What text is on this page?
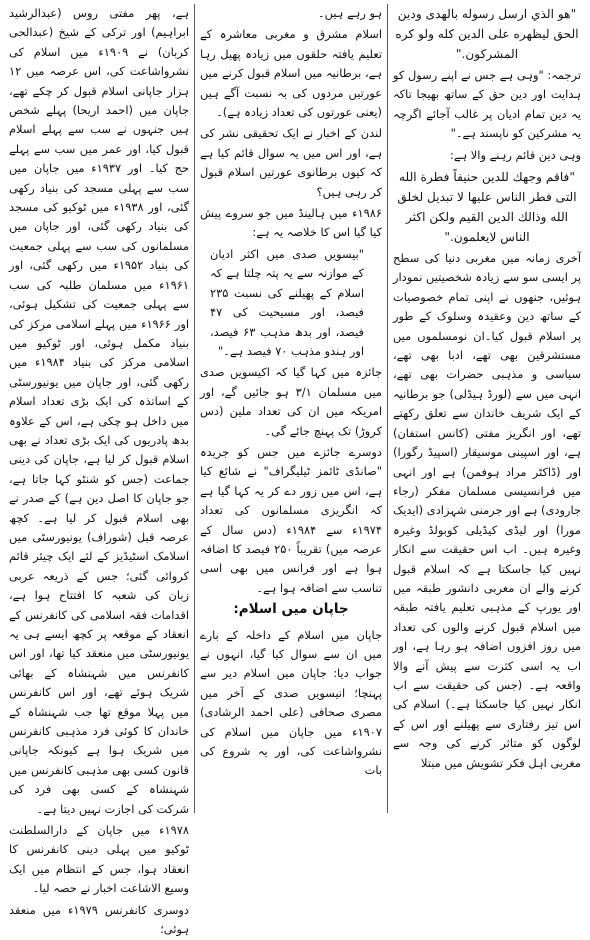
"هو الذي ارسل رسوله بالهدى ودين الحق ليظهره على الدين كله ولو كره المشركون."

ترجمہ: "وہی ہے جس نے اپنے رسول کو ہدایت اور دین حق کے ساتھ بھیجا تاکہ یہ دین تمام ادیان پر غالب آجائے اگرچہ یہ مشرکین کو ناپسند ہے۔"

وہی دین قائم رہنے والا ہے:

"فاقم وجهك للدين حنيفاً فطرة الله التى فطر الناس عليها لا تبديل لخلق الله وذالك الدين القيم ولكن اكثر الناس لايعلمون."

آخری زمانہ میں مغربی دنیا کی سطح پر ایسی سو سے زیادہ شخصیتیں نمودار ہوئیں، جنھوں نے اپنی تمام خصوصیات کے ساتھ دین وعقیدہ وسلوک کے طور پر اسلام قبول کیا۔ان نومسلموں میں مستشرقین بھی تھے، ادبا بھی تھے، سیاسی و مذہبی حضرات بھی تھے، انہی میں سے (لورڈ ہیڈلی) جو برطانیہ کے ایک شریف خاندان سے تعلق رکھتے تھے، اور انگریز مفتی (کانس استفان) ہے، اور اسپینی موسیقار (اسپیڈ رگورا) اور (ڈاکٹر مراد ہوفمن) ہے اور انہی میں فرانسیسی مسلمان مفکر (رجاء جارودی) ہے اور جرمنی شہزادی (ایدیک مورا) اور لیڈی کیڈیلی کوبولڈ وغیرہ وغیرہ ہیں۔ اب اس حقیقت سے انکار نہیں کیا جاسکتا ہے کہ اسلام قبول کرنے والے ان مغربی دانشور طبقہ میں اور یورپ کے مذہبی تعلیم یافتہ طبقہ میں اسلام قبول کرنے والوں کی تعداد میں روز افزوں اضافہ ہو رہا ہے، اور اب یہ اسی کثرت سے پیش آنے والا واقعہ ہے۔ (جس کی حقیقت سے اب انکار نہیں کیا جاسکتا ہے۔) اسلام کی اس تیز رفتاری سے پھیلنے اور اس کے لوگوں کو متاثر کرنے کی وجہ سے مغربی اہل فکر تشویش میں مبتلا

ہو رہے ہیں۔

اسلام مشرق و مغربی معاشرہ کے تعلیم یافتہ حلقوں میں زیادہ پھیل رہا ہے، برطانیہ میں اسلام قبول کرنے میں عورتیں مردوں کی بہ نسبت آگے ہیں (یعنی عورتوں کی تعداد زیادہ ہے)۔

لندن کے اخبار نے ایک تحقیقی نشر کی ہے، اور اس میں یہ سوال قائم کیا ہے کہ کیوں برطانوی عورتیں اسلام قبول کر رہی ہیں؟

۱۹۸۶ء میں ہالینڈ میں جو سروے پیش کیا گیا اس کا خلاصہ یہ ہے:

"بیسویں صدی میں اکثر ادیان کے موازنہ سے یہ پتہ چلتا ہے کہ اسلام کے پھیلنے کی نسبت ۲۳۵ فیصد، اور مسیحیت کی ۴۷ فیصد، اور بدھ مذہب ۶۳ فیصد، اور ہندو مذہب ۷۰ فیصد ہے۔"

جائزہ میں کہا گیا کہ اکیسویں صدی میں مسلمان ۳/۱ ہو جائیں گے، اور امریکہ میں ان کی تعداد ملین (دس کروڑ) تک پہنچ جائے گی۔

دوسرے جائزے میں جس کو جریدہ "صانڈی ٹائمز ٹیلیگراف" نے شائع کیا ہے، اس میں زور دے کر یہ کہا گیا ہے کہ انگریزی مسلمانوں کی تعداد ۱۹۷۴ء سے ۱۹۸۴ء (دس سال کے عرصہ میں) تقریباً ۲۵۰ فیصد کا اضافہ ہوا ہے اور فرانس میں بھی اسی تناسب سے اضافہ ہوا ہے۔

جاپان میں اسلام:

جاپان میں اسلام کے داخلہ کے بارے میں ان سے سوال کیا گیا، انہوں نے جواب دیا: جاپان میں اسلام دیر سے پہنچا؛ انیسویں صدی کے آخر میں مصری صحافی (علی احمد الرشادی) ۱۹۰۷ء میں جاپان میں اسلام کی نشرواشاعت کی، اور یہ شروع کی بات

ہے، پھر مفتی روس (عبدالرشید ابراہیم) اور ترکی کے شیخ (عبدالحی کربان) نے ۱۹۰۹ء میں اسلام کی نشرواشاعت کی، اس عرصہ میں ۱۲ ہزار جاپانی اسلام قبول کر چکے تھے، جاپان میں (احمد اریحا) پہلے شخص ہیں جنہوں نے سب سے پہلے اسلام قبول کیا، اور عمر میں سب سے پہلے حج کیا۔ اور ۱۹۳۷ء میں جاپان میں سب سے پہلی مسجد کی بنیاد رکھی گئی، اور ۱۹۳۸ء میں ٹوکیو کی مسجد کی بنیاد رکھی گئی، اور جاپان میں مسلمانوں کی سب سے پہلی جمعیت کی بنیاد ۱۹۵۲ء میں رکھی گئی، اور ۱۹۶۱ء میں مسلمان طلبہ کی سب سے پہلی جمعیت کی تشکیل ہوئی، اور ۱۹۶۶ء میں پہلے اسلامی مرکز کی بنیاد مکمل ہوئی، اور ٹوکیو میں اسلامی مرکز کی بنیاد ۱۹۸۴ء میں رکھی گئی، اور جاپان میں یونیورسٹی کے اساتذہ کی ایک بڑی تعداد اسلام میں داخل ہو چکی ہے، اس کے علاوہ بدھ پادریوں کی ایک بڑی تعداد نے بھی اسلام قبول کر لیا ہے، جاپان کی دینی جماعت (جس کو شنٹو کہا جاتا ہے، جو جاپان کا اصل دین ہے) کے صدر نے بھی اسلام قبول کر لیا ہے۔ کچھ عرصہ قبل (شوراف) یونیورسٹی میں اسلامک اسٹیڈیز کے لئے ایک چیئر قائم کروائی گئی؛ جس کے ذریعہ عربی زبان کی شعبہ کا افتتاح ہوا ہے، اقدامات فقہ اسلامی کی کانفرنس کے انعقاد کے موقعہ پر کچھ ایسے ہی یہ یونیورسٹی میں منعقد کیا تھا، اور اس کانفرنس میں شہنشاہ کے بھائی شریک ہوئے تھے، اور اس کانفرنس میں پہلا موقع تھا جب شہنشاہ کے خاندان کا کوئی فرد مذہبی کانفرنس میں شریک ہوا ہے کیونکہ جاپانی قانون کسی بھی مذہبی کانفرنس میں شہنشاہ کے کسی بھی فرد کی شرکت کی اجازت نہیں دیتا ہے۔

۱۹۷۸ء میں جاپان کے دارالسلطنت ٹوکیو میں پہلی دینی کانفرنس کا انعقاد ہوا، جس کے انتظام میں ایک وسیع الاشاعت اخبار نے حصہ لیا۔

دوسری کانفرنس ۱۹۷۹ء میں منعقد ہوئی؛
